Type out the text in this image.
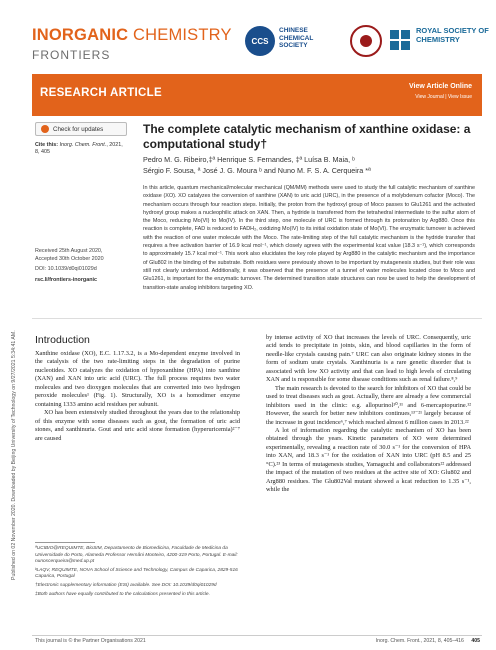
Published on 02 November 2020. Downloaded by Beijing University of Technology on 9/27/2021 5:34:41 AM.
INORGANIC CHEMISTRY
FRONTIERS
CCS
CHINESE CHEMICAL SOCIETY
ROYAL SOCIETY OF CHEMISTRY
RESEARCH ARTICLE
View Article Online
View Journal | View Issue
Check for updates
Cite this: Inorg. Chem. Front., 2021, 8, 405
The complete catalytic mechanism of xanthine oxidase: a computational study†
Pedro M. G. Ribeiro,‡ª Henrique S. Fernandes, ‡ª Luísa B. Maia, ᵇ
Sérgio F. Sousa, ª José J. G. Moura ᵇ and Nuno M. F. S. A. Cerqueira *ª
In this article, quantum mechanical/molecular mechanical (QM/MM) methods were used to study the full catalytic mechanism of xanthine oxidase (XO). XO catalyzes the conversion of xanthine (XAN) to uric acid (URC), in the presence of a molybdenum cofactor (Moco). The mechanism occurs through four reaction steps. Initially, the proton from the hydroxyl group of Moco passes to Glu1261 and the activated hydroxyl group makes a nucleophilic attack on XAN. Then, a hydride is transferred from the tetrahedral intermediate to the sulfur atom of the Moco, reducing Mo(VI) to Mo(IV). In the third step, one molecule of URC is formed through its protonation by Arg880. Once this reaction is complete, FAD is reduced to FADH₂, oxidizing Mo(IV) to its initial oxidation state of Mo(VI). The enzymatic turnover is achieved with the reaction of one water molecule with the Moco. The rate-limiting step of the full catalytic mechanism is the hydride transfer that requires a free activation barrier of 16.9 kcal mol⁻¹, which closely agrees with the experimental kcat value (18.3 s⁻¹), which corresponds to approximately 15.7 kcal mol⁻¹. This work also elucidates the key role played by Arg880 in the catalytic mechanism and the importance of Glu802 in the binding of the substrate. Both residues were previously shown to be important by mutagenesis studies, but their role was still not clearly understood. Additionally, it was observed that the presence of a tunnel of water molecules located close to Moco and Glu1261, is important for the enzymatic turnover. The determined transition state structures can now be used to help the development of transition-state analog inhibitors targeting XO.
Received 25th August 2020,
Accepted 30th October 2020
DOI: 10.1039/d0qi01029d
rsc.li/frontiers-inorganic
Introduction

Xanthine oxidase (XO), E.C. 1.17.3.2, is a Mo-dependent enzyme involved in the catalysis of the two rate-limiting steps in the degradation of purine nucleotides. XO catalyzes the oxidation of hypoxanthine (HPA) into xanthine (XAN) and XAN into uric acid (URC). The full process requires two water molecules and two dioxygen molecules that are converted into two hydrogen peroxide molecules¹ (Fig. 1). Structurally, XO is a homodimer enzyme containing 1333 amino acid residues per subunit.

XO has been extensively studied throughout the years due to the relationship of this enzyme with some diseases such as gout, the formation of uric acid stones, and xanthinuria. Gout and uric acid stone formation (hyperuricemia)²⁻⁷ are caused

by intense activity of XO that increases the levels of URC. Consequently, uric acid tends to precipitate in joints, skin, and blood capillaries in the form of needle-like crystals causing pain.⁷ URC can also originate kidney stones in the form of sodium urate crystals. Xanthinuria is a rare genetic disorder that is associated with low XO activity and that can lead to high levels of circulating XAN and is responsible for some disease conditions such as renal failure.⁸,⁹

The main research is devoted to the search for inhibitors of XO that could be used to treat diseases such as gout. Actually, there are already a few commercial inhibitors used in the clinic: e.g. allopurinol¹⁰,¹¹ and 6-mercaptopurine.¹² However, the search for better new inhibitors continues,¹³⁻²¹ largely because of the increase in gout incidence⁶,⁷ which reached almost 6 million cases in 2013.²²

A lot of information regarding the catalytic mechanism of XO has been obtained through the years. Kinetic parameters of XO were determined experimentally, revealing a reaction rate of 30.0 s⁻¹ for the conversion of HPA into XAN, and 18.3 s⁻¹ for the oxidation of XAN into URC (pH 8.5 and 25 °C).²³ In terms of mutagenesis studies, Yamaguchi and collaborators²² addressed the impact of the mutation of two residues at the active site of XO: Glu802 and Arg880 residues. The Glu802Val mutant showed a kcat reduction to 1.35 s⁻¹, while the

ªUCIBIO@REQUIMTE, BioSIM, Departamento de Biomedicina, Faculdade de Medicina da Universidade do Porto, Alameda Professor Hernâni Monteiro, 4200-319 Porto, Portugal. E-mail: nunoscerqueira@med.up.pt

ᵇLAQV, REQUIMTE, NOVA School of Science and Technology, Campus de Caparica, 2829-516 Caparica, Portugal

†Electronic supplementary information (ESI) available. See DOI: 10.1039/d0qi01029d

‡Both authors have equally contributed to the calculations presented in this article.

This journal is © the Partner Organisations 2021	Inorg. Chem. Front., 2021, 8, 405–416 405
